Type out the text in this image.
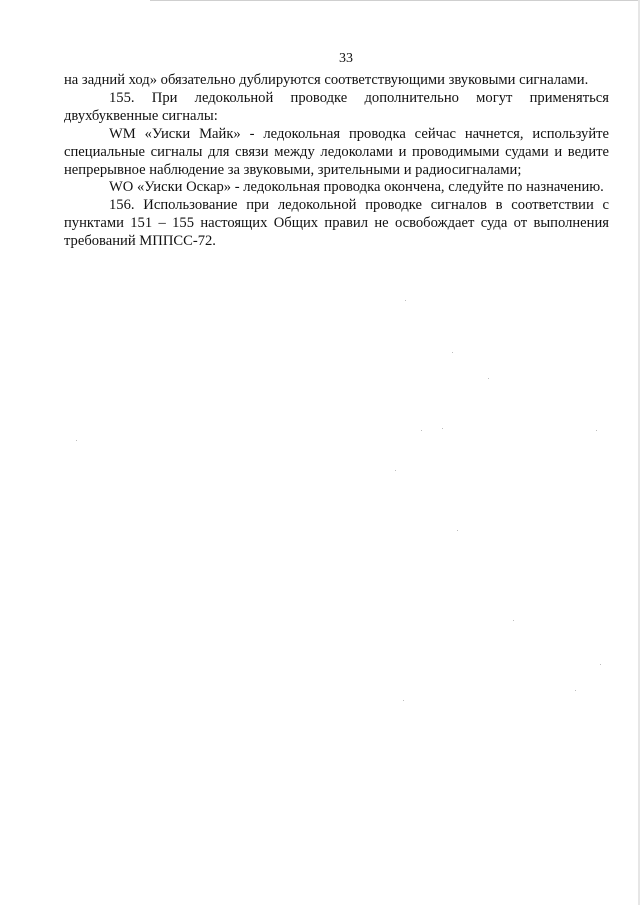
33

на задний ход» обязательно дублируются соответствующими звуковыми сигналами.

155. При ледокольной проводке дополнительно могут применяться двухбуквенные сигналы:

WM «Уиски Майк» - ледокольная проводка сейчас начнется, используйте специальные сигналы для связи между ледоколами и проводимыми судами и ведите непрерывное наблюдение за звуковыми, зрительными и радиосигналами;

WO «Уиски Оскар» - ледокольная проводка окончена, следуйте по назначению.

156. Использование при ледокольной проводке сигналов в соответствии с пунктами 151 – 155 настоящих Общих правил не освобождает суда от выполнения требований МППСС-72.
